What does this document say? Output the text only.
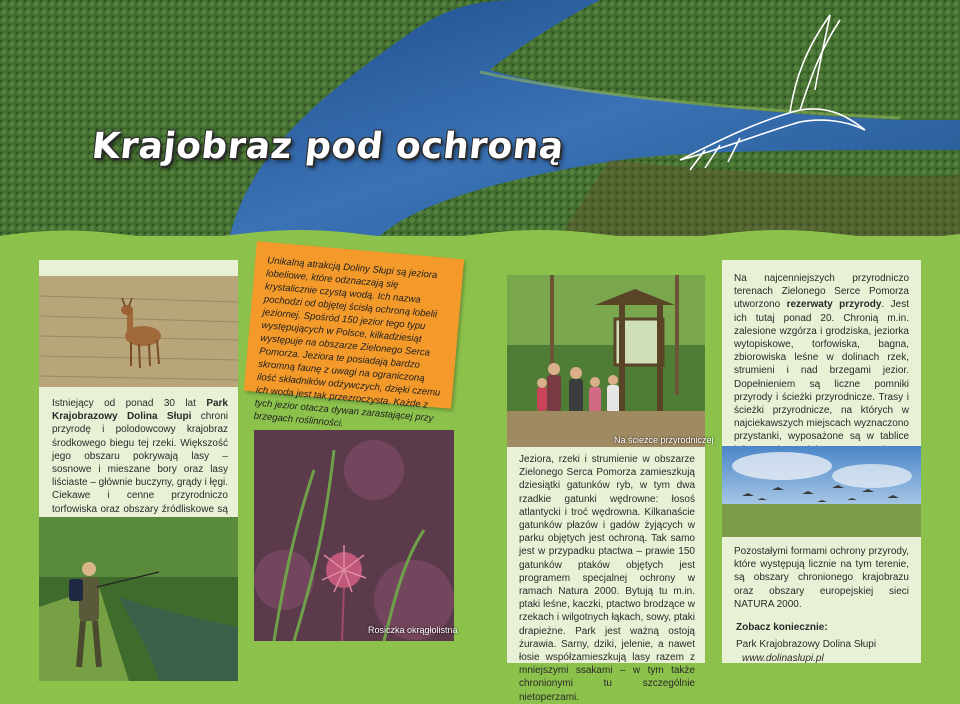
Krajobraz pod ochroną
Istniejący od ponad 30 lat Park Krajobrazowy Dolina Słupi chroni przyrodę i polodowcowy krajobraz środkowego biegu tej rzeki. Większość jego obszaru pokrywają lasy – sosnowe i mieszane bory oraz lasy liściaste – głównie buczyny, grądy i łęgi. Ciekawe i cenne przyrodniczo torfowiska oraz obszary źródliskowe są

Unikalną atrakcją Doliny Słupi są jeziora lobeliowe, które odznaczają się krystalicznie czystą wodą. Ich nazwa pochodzi od objętej ścisłą ochroną lobelii jeziornej. Spośród 150 jezior tego typu występujących w Polsce, kilkadziesiąt występuje na obszarze Zielonego Serca Pomorza. Jeziora te posiadają bardzo skromną faunę z uwagi na ograniczoną ilość składników odżywczych, dzięki czemu ich woda jest tak przezroczysta. Każde z tych jezior otacza dywan zarastającej przy brzegach roślinności.

Rosiczka okrągłolistna
Na ścieżce przyrodniczej
Jeziora, rzeki i strumienie w obszarze Zielonego Serca Pomorza zamieszkują dziesiątki gatunków ryb, w tym dwa rzadkie gatunki wędrowne: łosoś atlantycki i troć wędrowna. Kilkanaście gatunków płazów i gadów żyjących w parku objętych jest ochroną. Tak samo jest w przypadku ptactwa – prawie 150 gatunków ptaków objętych jest programem specjalnej ochrony w ramach Natura 2000. Bytują tu m.in. ptaki leśne, kaczki, ptactwo brodzące w rzekach i wilgotnych łąkach, sowy, ptaki drapieżne. Park jest ważną ostoją żurawia. Sarny, dziki, jelenie, a nawet łosie współzamieszkują lasy razem z mniejszymi ssakami – w tym także chronionymi tu szczególnie nietoperzami.
Na najcenniejszych przyrodniczo terenach Zielonego Serce Pomorza utworzono rezerwaty przyrody. Jest ich tutaj ponad 20. Chronią m.in. zalesione wzgórza i grodziska, jeziorka wytopiskowe, torfowiska, bagna, zbiorowiska leśne w dolinach rzek, strumieni i nad brzegami jezior. Dopełnieniem są liczne pomniki przyrody i ścieżki przyrodnicze. Trasy i ścieżki przyrodnicze, na których w najciekawszych miejscach wyznaczono przystanki, wyposażone są w tablice
Pozostałymi formami ochrony przyrody, które występują licznie na tym terenie, są obszary chronionego krajobrazu oraz obszary europejskiej sieci NATURA 2000.
Zobacz koniecznie:
Park Krajobrazowy Dolina Słupi
www.dolinaslupi.pl
